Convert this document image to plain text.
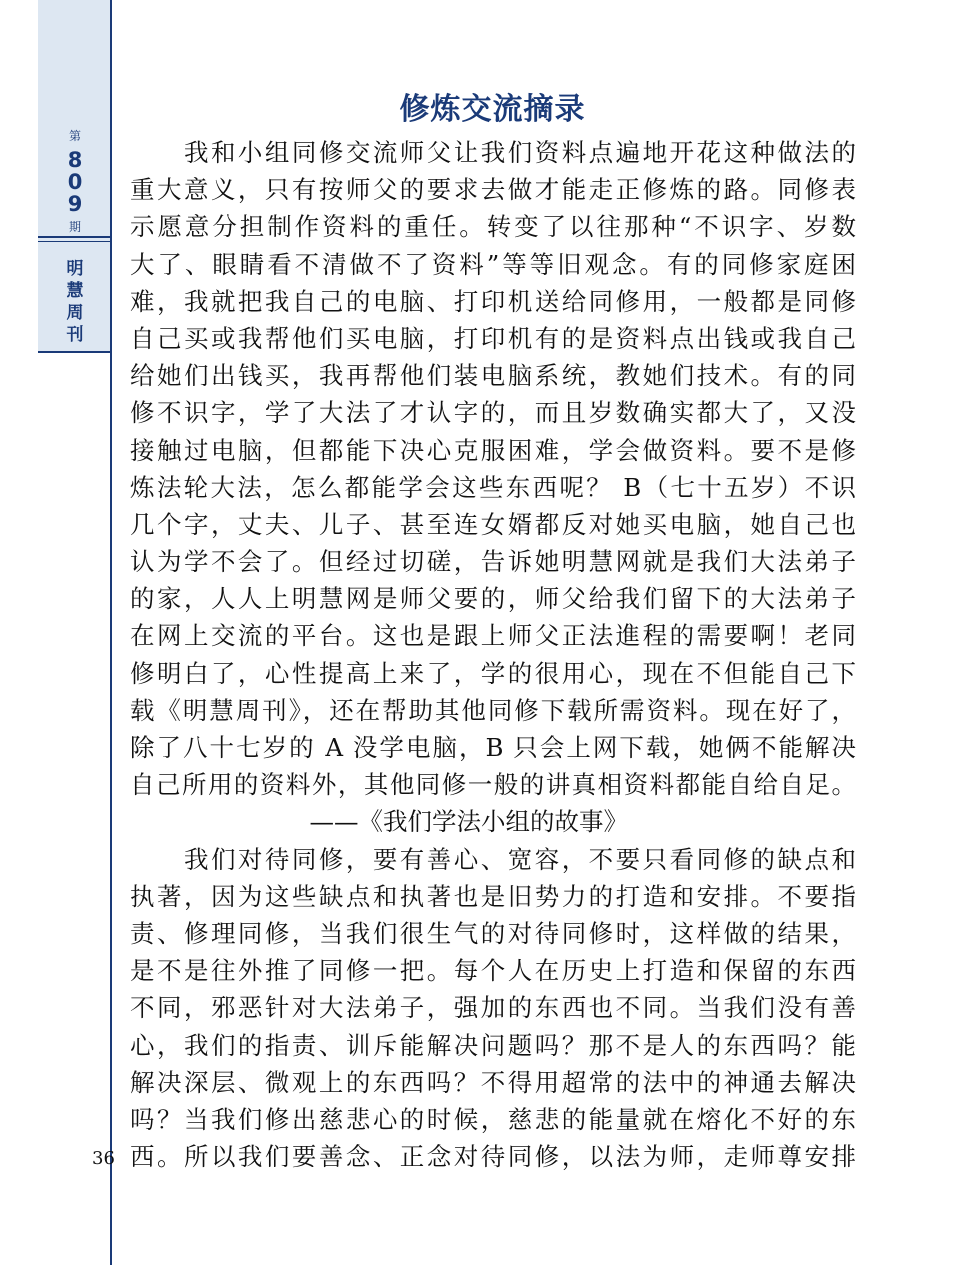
第
8
0
9
期
明
慧
周
刊
修炼交流摘录
　　我和小组同修交流师父让我们资料点遍地开花这种做法的
重大意义，只有按师父的要求去做才能走正修炼的路。同修表
示愿意分担制作资料的重任。转变了以往那种“不识字、岁数
大了、眼睛看不清做不了资料”等等旧观念。有的同修家庭困
难，我就把我自己的电脑、打印机送给同修用，一般都是同修
自己买或我帮他们买电脑，打印机有的是资料点出钱或我自己
给她们出钱买，我再帮他们装电脑系统，教她们技术。有的同
修不识字，学了大法了才认字的，而且岁数确实都大了，又没
接触过电脑，但都能下决心克服困难，学会做资料。要不是修
炼法轮大法，怎么都能学会这些东西呢？ B（七十五岁）不识
几个字，丈夫、儿子、甚至连女婿都反对她买电脑，她自己也
认为学不会了。但经过切磋，告诉她明慧网就是我们大法弟子
的家，人人上明慧网是师父要的，师父给我们留下的大法弟子
在网上交流的平台。这也是跟上师父正法進程的需要啊！老同
修明白了，心性提高上来了，学的很用心，现在不但能自己下
载《明慧周刊》，还在帮助其他同修下载所需资料。现在好了，
除了八十七岁的 A 没学电脑，B 只会上网下载，她俩不能解决
自己所用的资料外，其他同修一般的讲真相资料都能自给自足。
——《我们学法小组的故事》
　　我们对待同修，要有善心、宽容，不要只看同修的缺点和
执著，因为这些缺点和执著也是旧势力的打造和安排。不要指
责、修理同修，当我们很生气的对待同修时，这样做的结果，
是不是往外推了同修一把。每个人在历史上打造和保留的东西
不同，邪恶针对大法弟子，强加的东西也不同。当我们没有善
心，我们的指责、训斥能解决问题吗？那不是人的东西吗？能
解决深层、微观上的东西吗？不得用超常的法中的神通去解决
吗？当我们修出慈悲心的时候，慈悲的能量就在熔化不好的东
西。所以我们要善念、正念对待同修，以法为师，走师尊安排
36
